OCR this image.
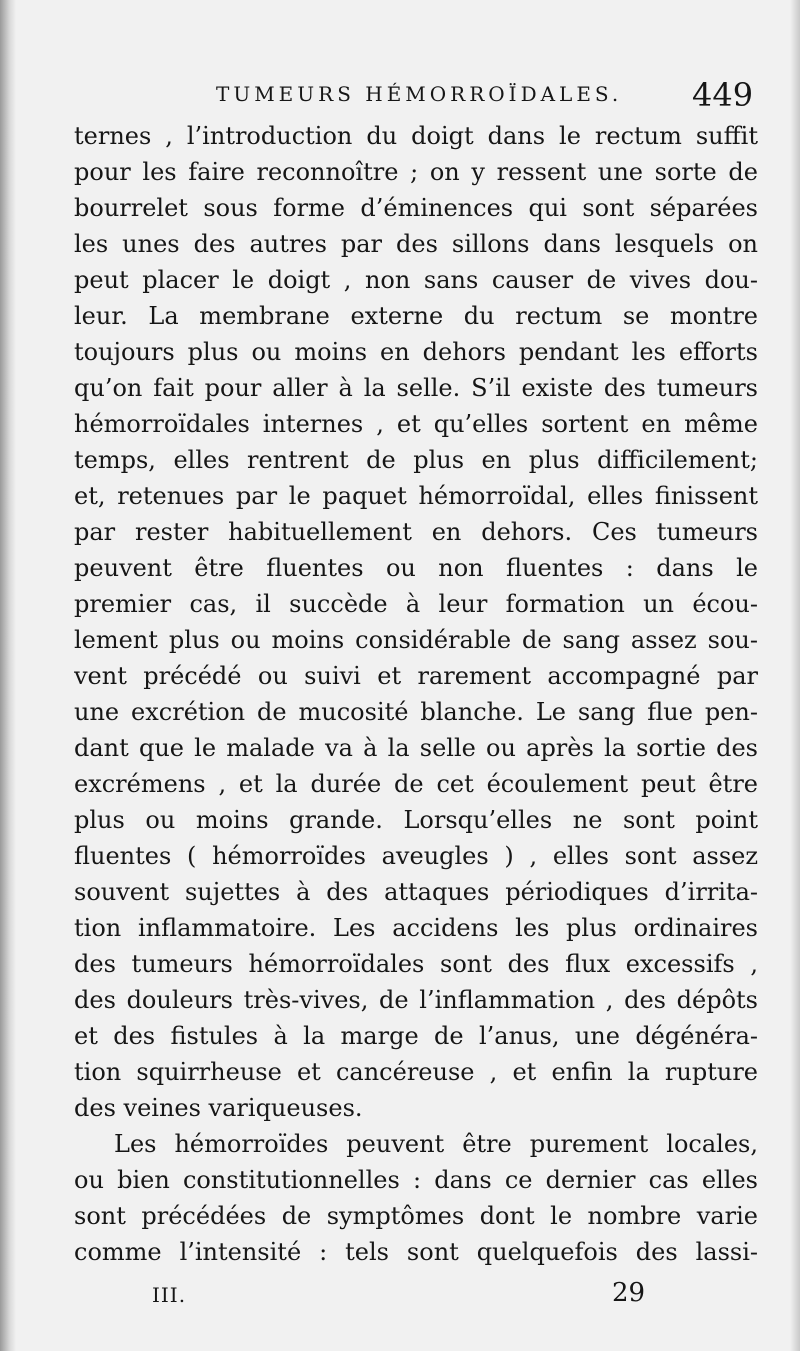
TUMEURS HÉMORROÏDALES. 449
ternes , l’introduction du doigt dans le rectum suffit
pour les faire reconnoître ; on y ressent une sorte de
bourrelet sous forme d’éminences qui sont séparées
les unes des autres par des sillons dans lesquels on
peut placer le doigt , non sans causer de vives dou-
leur. La membrane externe du rectum se montre
toujours plus ou moins en dehors pendant les efforts
qu’on fait pour aller à la selle. S’il existe des tumeurs
hémorroïdales internes , et qu’elles sortent en même
temps, elles rentrent de plus en plus difficilement;
et, retenues par le paquet hémorroïdal, elles finissent
par rester habituellement en dehors. Ces tumeurs
peuvent être fluentes ou non fluentes : dans le
premier cas, il succède à leur formation un écou-
lement plus ou moins considérable de sang assez sou-
vent précédé ou suivi et rarement accompagné par
une excrétion de mucosité blanche. Le sang flue pen-
dant que le malade va à la selle ou après la sortie des
excrémens , et la durée de cet écoulement peut être
plus ou moins grande. Lorsqu’elles ne sont point
fluentes ( hémorroïdes aveugles ) , elles sont assez
souvent sujettes à des attaques périodiques d’irrita-
tion inflammatoire. Les accidens les plus ordinaires
des tumeurs hémorroïdales sont des flux excessifs ,
des douleurs très-vives, de l’inflammation , des dépôts
et des fistules à la marge de l’anus, une dégénéra-
tion squirrheuse et cancéreuse , et enfin la rupture
des veines variqueuses.
Les hémorroïdes peuvent être purement locales,
ou bien constitutionnelles : dans ce dernier cas elles
sont précédées de symptômes dont le nombre varie
comme l’intensité : tels sont quelquefois des lassi-
III.	29
